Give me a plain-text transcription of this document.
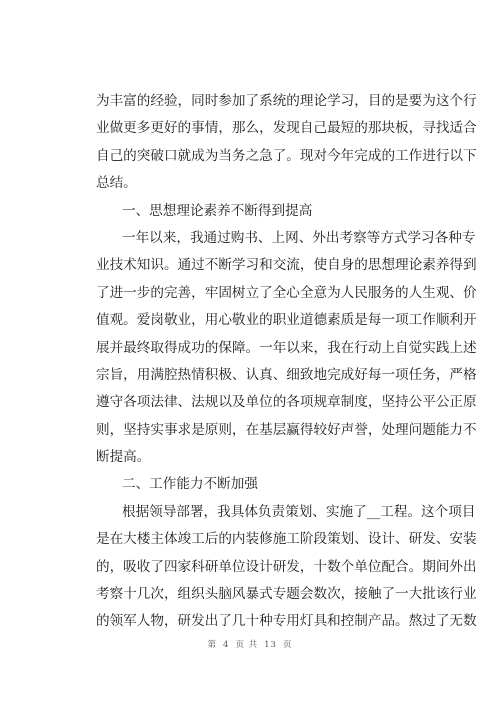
为丰富的经验，同时参加了系统的理论学习，目的是要为这个行
业做更多更好的事情，那么，发现自己最短的那块板，寻找适合
自己的突破口就成为当务之急了。现对今年完成的工作进行以下
总结。
一、思想理论素养不断得到提高
一年以来，我通过购书、上网、外出考察等方式学习各种专
业技术知识。通过不断学习和交流，使自身的思想理论素养得到
了进一步的完善，牢固树立了全心全意为人民服务的人生观、价
值观。爱岗敬业，用心敬业的职业道德素质是每一项工作顺利开
展并最终取得成功的保障。一年以来，我在行动上自觉实践上述
宗旨，用满腔热情积极、认真、细致地完成好每一项任务，严格
遵守各项法律、法规以及单位的各项规章制度，坚持公平公正原
则，坚持实事求是原则，在基层赢得较好声誉，处理问题能力不
断提高。
二、工作能力不断加强
根据领导部署，我具体负责策划、实施了__工程。这个项目
是在大楼主体竣工后的内装修施工阶段策划、设计、研发、安装
的，吸收了四家科研单位设计研发，十数个单位配合。期间外出
考察十几次，组织头脑风暴式专题会数次，接触了一大批该行业
的领军人物，研发出了几十种专用灯具和控制产品。熬过了无数
第 4 页 共 13 页
